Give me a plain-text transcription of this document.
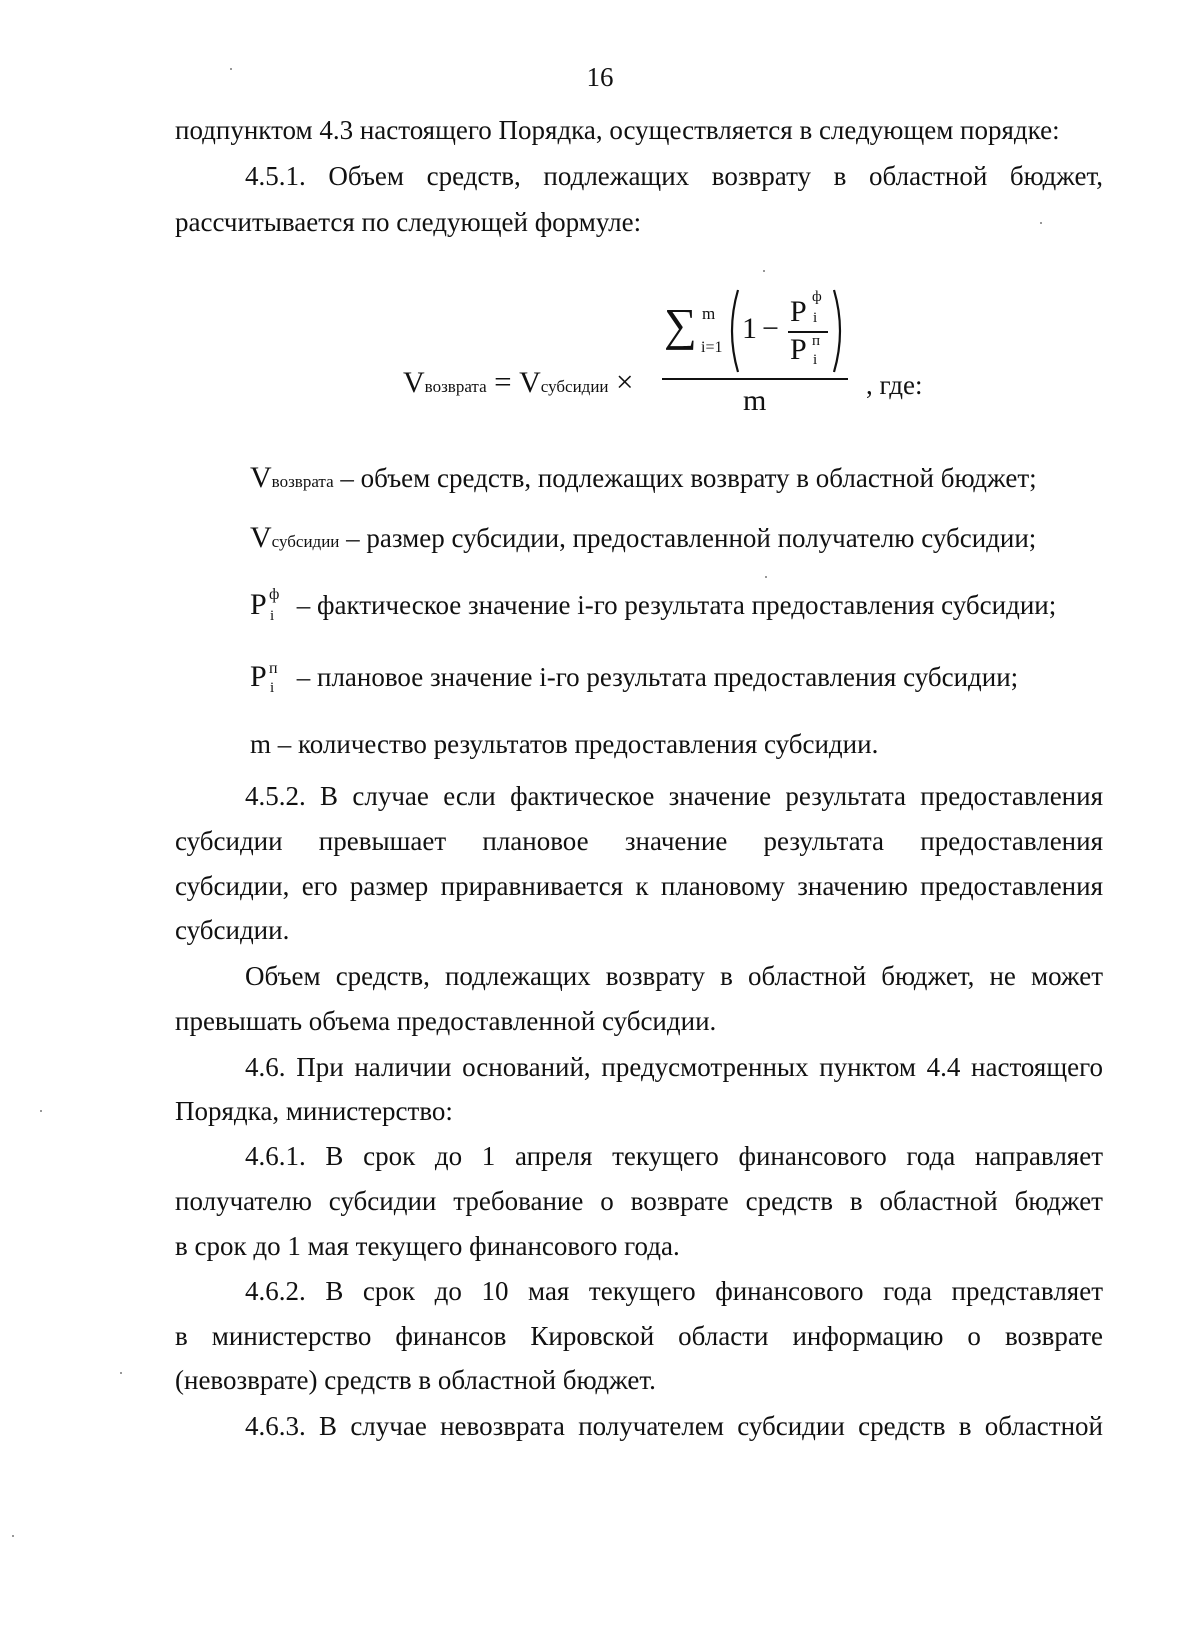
16
подпунктом 4.3 настоящего Порядка, осуществляется в следующем порядке:
4.5.1. Объем средств, подлежащих возврату в областной бюджет,
рассчитывается по следующей формуле:
Vвозврата = Vсубсидии ×
∑ m
i=1
1 −
P ф
i
P п
i
m	, где:
Vвозврата – объем средств, подлежащих возврату в областной бюджет;
Vсубсидии – размер субсидии, предоставленной получателю субсидии;
P ф
i – фактическое значение i-го результата предоставления субсидии;
P п
i – плановое значение i-го результата предоставления субсидии;
m – количество результатов предоставления субсидии.
4.5.2. В случае если фактическое значение результата предоставления
субсидии превышает плановое значение результата предоставления
субсидии, его размер приравнивается к плановому значению предоставления
субсидии.
Объем средств, подлежащих возврату в областной бюджет, не может
превышать объема предоставленной субсидии.
4.6. При наличии оснований, предусмотренных пунктом 4.4 настоящего
Порядка, министерство:
4.6.1. В срок до 1 апреля текущего финансового года направляет
получателю субсидии требование о возврате средств в областной бюджет
в срок до 1 мая текущего финансового года.
4.6.2. В срок до 10 мая текущего финансового года представляет
в министерство финансов Кировской области информацию о возврате
(невозврате) средств в областной бюджет.
4.6.3. В случае невозврата получателем субсидии средств в областной
